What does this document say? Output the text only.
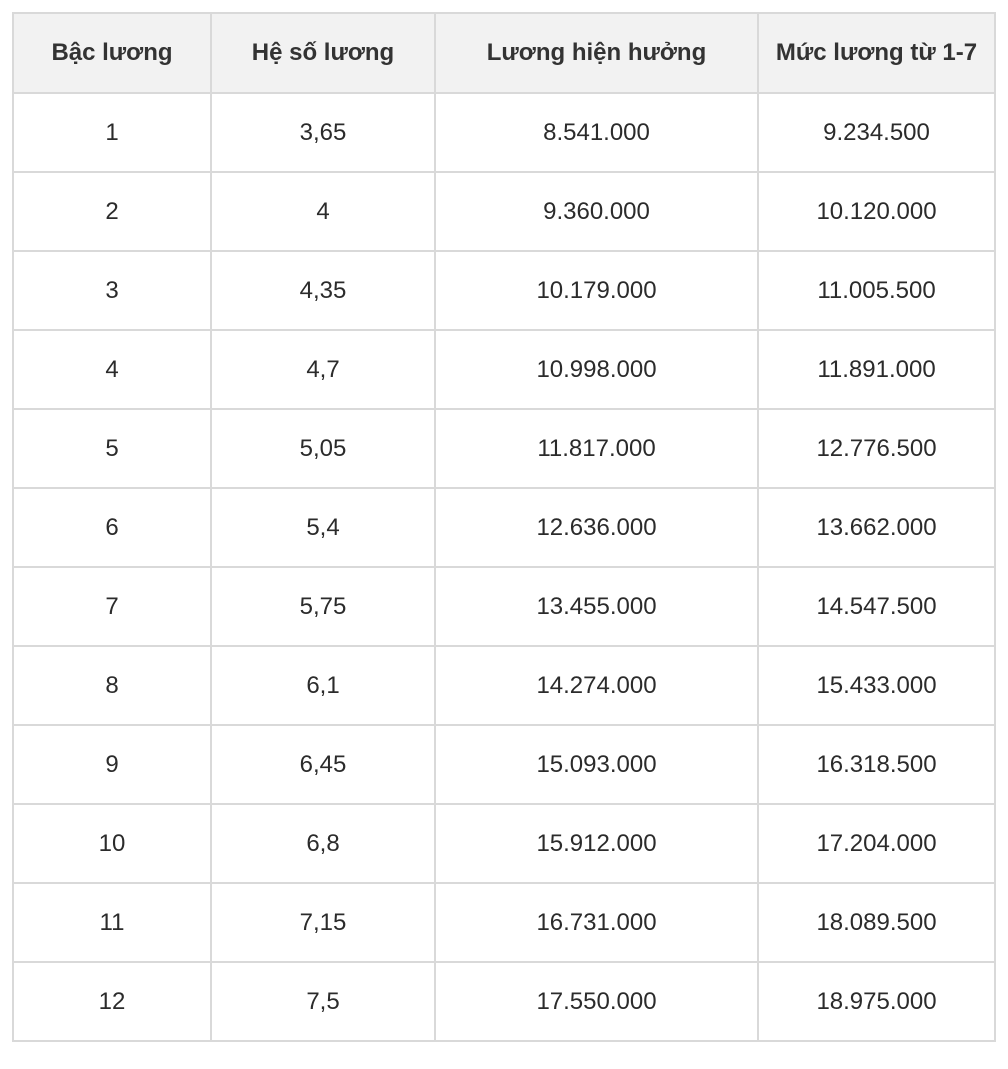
Bậc lương	Hệ số lương	Lương hiện hưởng	Mức lương từ 1-7
1	3,65	8.541.000	9.234.500
2	4	9.360.000	10.120.000
3	4,35	10.179.000	11.005.500
4	4,7	10.998.000	11.891.000
5	5,05	11.817.000	12.776.500
6	5,4	12.636.000	13.662.000
7	5,75	13.455.000	14.547.500
8	6,1	14.274.000	15.433.000
9	6,45	15.093.000	16.318.500
10	6,8	15.912.000	17.204.000
11	7,15	16.731.000	18.089.500
12	7,5	17.550.000	18.975.000
